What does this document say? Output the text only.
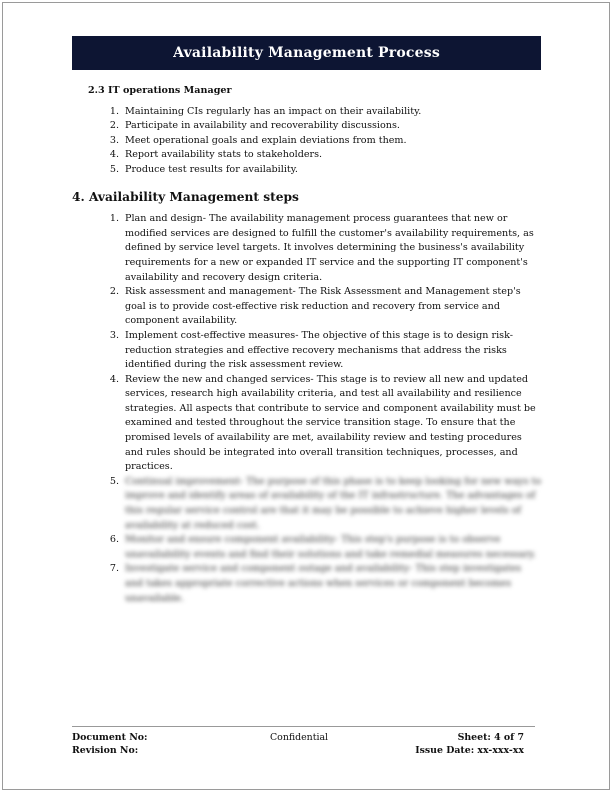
Availability Management Process
2.3 IT operations Manager
1. Maintaining CIs regularly has an impact on their availability.
2. Participate in availability and recoverability discussions.
3. Meet operational goals and explain deviations from them.
4. Report availability stats to stakeholders.
5. Produce test results for availability.
4. Availability Management steps
1. Plan and design- The availability management process guarantees that new or modified services are designed to fulfill the customer's availability requirements, as defined by service level targets. It involves determining the business's availability requirements for a new or expanded IT service and the supporting IT component's availability and recovery design criteria.
2. Risk assessment and management- The Risk Assessment and Management step's goal is to provide cost-effective risk reduction and recovery from service and component availability.
3. Implement cost-effective measures- The objective of this stage is to design risk-reduction strategies and effective recovery mechanisms that address the risks identified during the risk assessment review.
4. Review the new and changed services- This stage is to review all new and updated services, research high availability criteria, and test all availability and resilience strategies. All aspects that contribute to service and component availability must be examined and tested throughout the service transition stage. To ensure that the promised levels of availability are met, availability review and testing procedures and rules should be integrated into overall transition techniques, processes, and practices.
5. Continual improvement- The purpose of this phase is to keep looking for new ways to improve and identify areas of availability of the IT infrastructure. The advantages of this regular service control are that it may be possible to achieve higher levels of availability at reduced cost.
6. Monitor and ensure component availability- This step's purpose is to observe unavailability events and find their solutions and take remedial measures necessary.
7. Investigate service and component outage and availability- This step investigates and takes appropriate corrective actions when services or component becomes unavailable.
Document No:	Sheet: 4 of 7
Revision No:	Issue Date: xx-xxx-xx
Confidential
